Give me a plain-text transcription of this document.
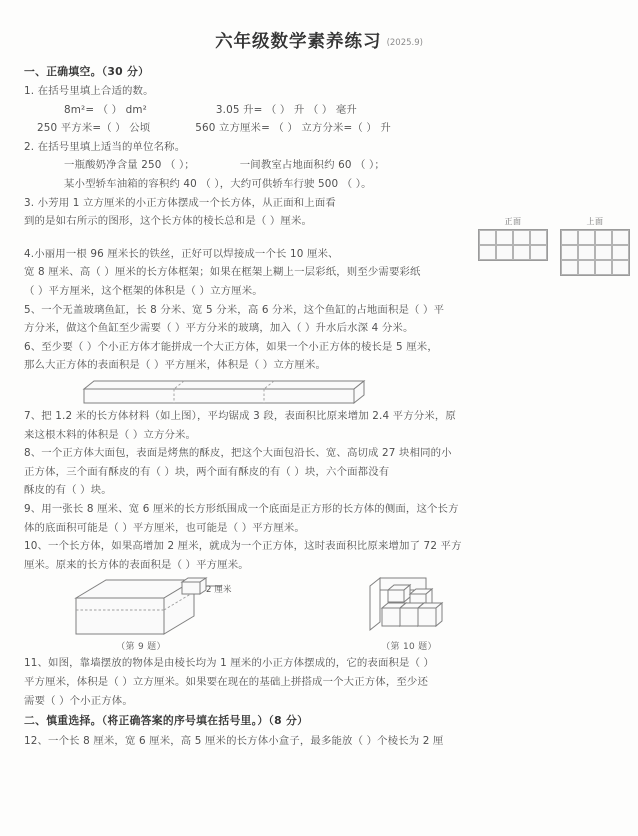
六年级数学素养练习 (2025.9)
一、正确填空。（30 分）
1. 在括号里填上合适的数。
8m²= （ ） dm²	3.05 升= （ ） 升 （ ） 毫升
250 平方米=（ ） 公顷	560 立方厘米= （ ） 立方分米=（ ） 升
2. 在括号里填上适当的单位名称。
一瓶酸奶净含量 250 （ ）；	一间教室占地面积约 60 （ ）；
某小型轿车油箱的容积约 40 （ ），大约可供轿车行驶 500 （ ）。
3. 小芳用 1 立方厘米的小正方体摆成一个长方体，从正面和上面看
到的是如右所示的图形，这个长方体的棱长总和是（ ）厘米。
4.小丽用一根 96 厘米长的铁丝，正好可以焊接成一个长 10 厘米、
宽 8 厘米、高（ ）厘米的长方体框架；如果在框架上糊上一层彩纸，则至少需要彩纸
（ ）平方厘米，这个框架的体积是（ ）立方厘米。
5、一个无盖玻璃鱼缸，长 8 分米、宽 5 分米，高 6 分米，这个鱼缸的占地面积是（ ）平
方分米，做这个鱼缸至少需要（ ）平方分米的玻璃，加入（ ）升水后水深 4 分米。
6、至少要（ ）个小正方体才能拼成一个大正方体，如果一个小正方体的棱长是 5 厘米，
那么大正方体的表面积是（ ）平方厘米，体积是（ ）立方厘米。
7、把 1.2 米的长方体材料（如上图），平均锯成 3 段，表面积比原来增加 2.4 平方分米，原
来这根木料的体积是（ ）立方分米。
8、一个正方体大面包，表面是烤焦的酥皮，把这个大面包沿长、宽、高切成 27 块相同的小
正方体，三个面有酥皮的有（ ）块，两个面有酥皮的有（ ）块，六个面都没有
酥皮的有（ ）块。
9、用一张长 8 厘米、宽 6 厘米的长方形纸围成一个底面是正方形的长方体的侧面，这个长方
体的底面积可能是（ ）平方厘米，也可能是（ ）平方厘米。
10、一个长方体，如果高增加 2 厘米，就成为一个正方体，这时表面积比原来增加了 72 平方
厘米。原来的长方体的表面积是（ ）平方厘米。
2 厘米
（第 9 题）	（第 10 题）
11、如图，靠墙摆放的物体是由棱长均为 1 厘米的小正方体摆成的，它的表面积是（ ）
平方厘米，体积是（ ）立方厘米。如果要在现在的基础上拼搭成一个大正方体，至少还
需要（ ）个小正方体。
二、慎重选择。（将正确答案的序号填在括号里。）（8 分）
12、一个长 8 厘米，宽 6 厘米，高 5 厘米的长方体小盒子，最多能放（ ）个棱长为 2 厘
正面	上面
